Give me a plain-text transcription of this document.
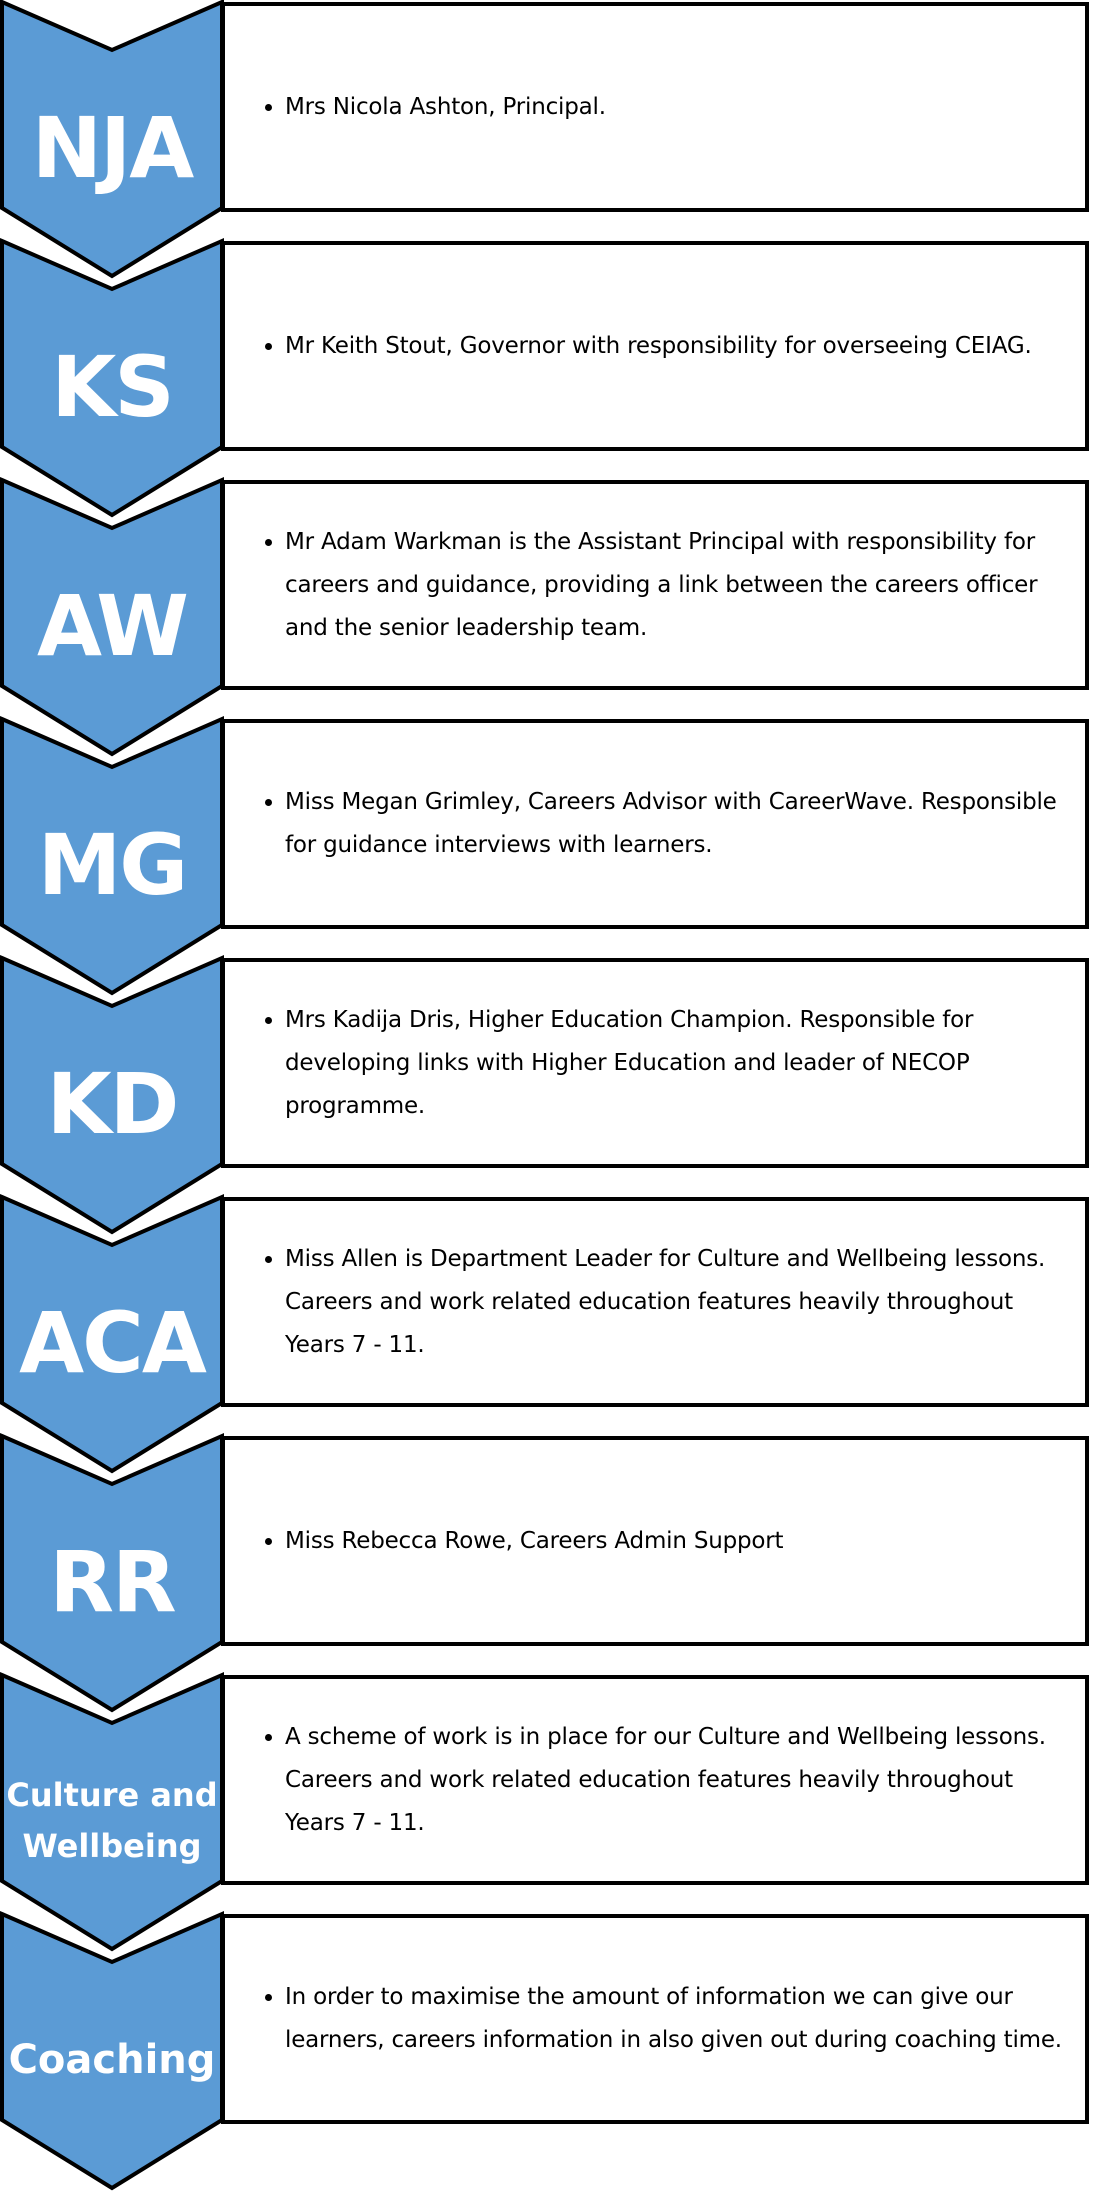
NJA	• Mrs Nicola Ashton, Principal.
KS	• Mr Keith Stout, Governor with responsibility for overseeing CEIAG.
AW
• Mr Adam Warkman is the Assistant Principal with responsibility for careers and guidance, providing a link between the careers officer and the senior leadership team.
MG
• Miss Megan Grimley, Careers Advisor with CareerWave. Responsible for guidance interviews with learners.
KD
• Mrs Kadija Dris, Higher Education Champion. Responsible for developing links with Higher Education and leader of NECOP programme.
ACA
• Miss Allen is Department Leader for Culture and Wellbeing lessons. Careers and work related education features heavily throughout Years 7 - 11.
RR	• Miss Rebecca Rowe, Careers Admin Support
Culture and Wellbeing
• A scheme of work is in place for our Culture and Wellbeing lessons. Careers and work related education features heavily throughout Years 7 - 11.
Coaching
• In order to maximise the amount of information we can give our learners, careers information in also given out during coaching time.
